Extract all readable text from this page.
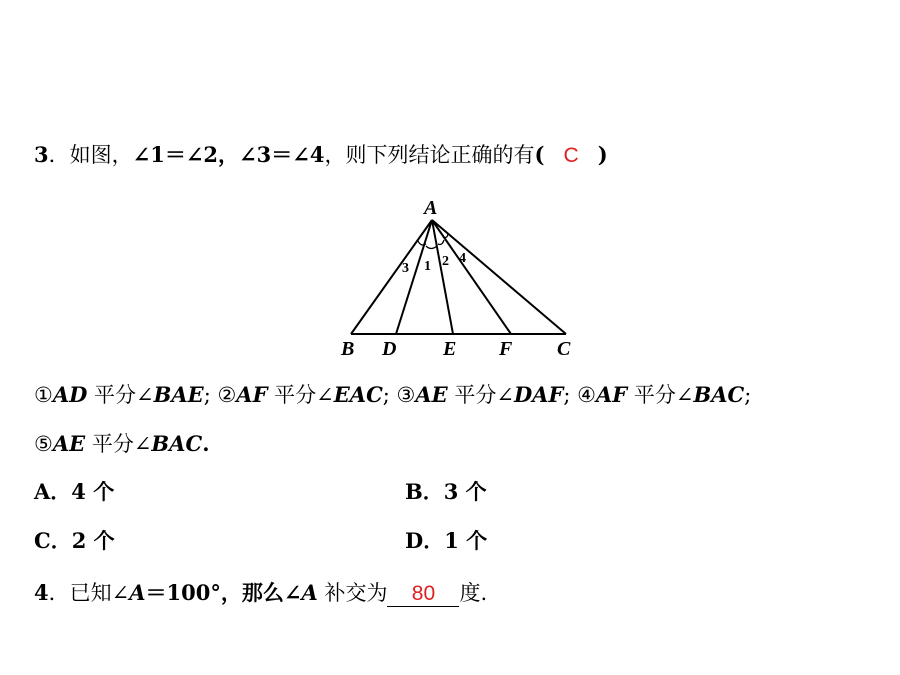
3．如图，∠1＝∠2，∠3＝∠4，则下列结论正确的有( C )
A
B D E F C
3 1 2 4
①AD 平分∠BAE; ②AF 平分∠EAC; ③AE 平分∠DAF; ④AF 平分∠BAC;
⑤AE 平分∠BAC.
A．4 个	B．3 个
C．2 个	D．1 个
4．已知∠A＝100°，那么∠A 补交为 80 度.
